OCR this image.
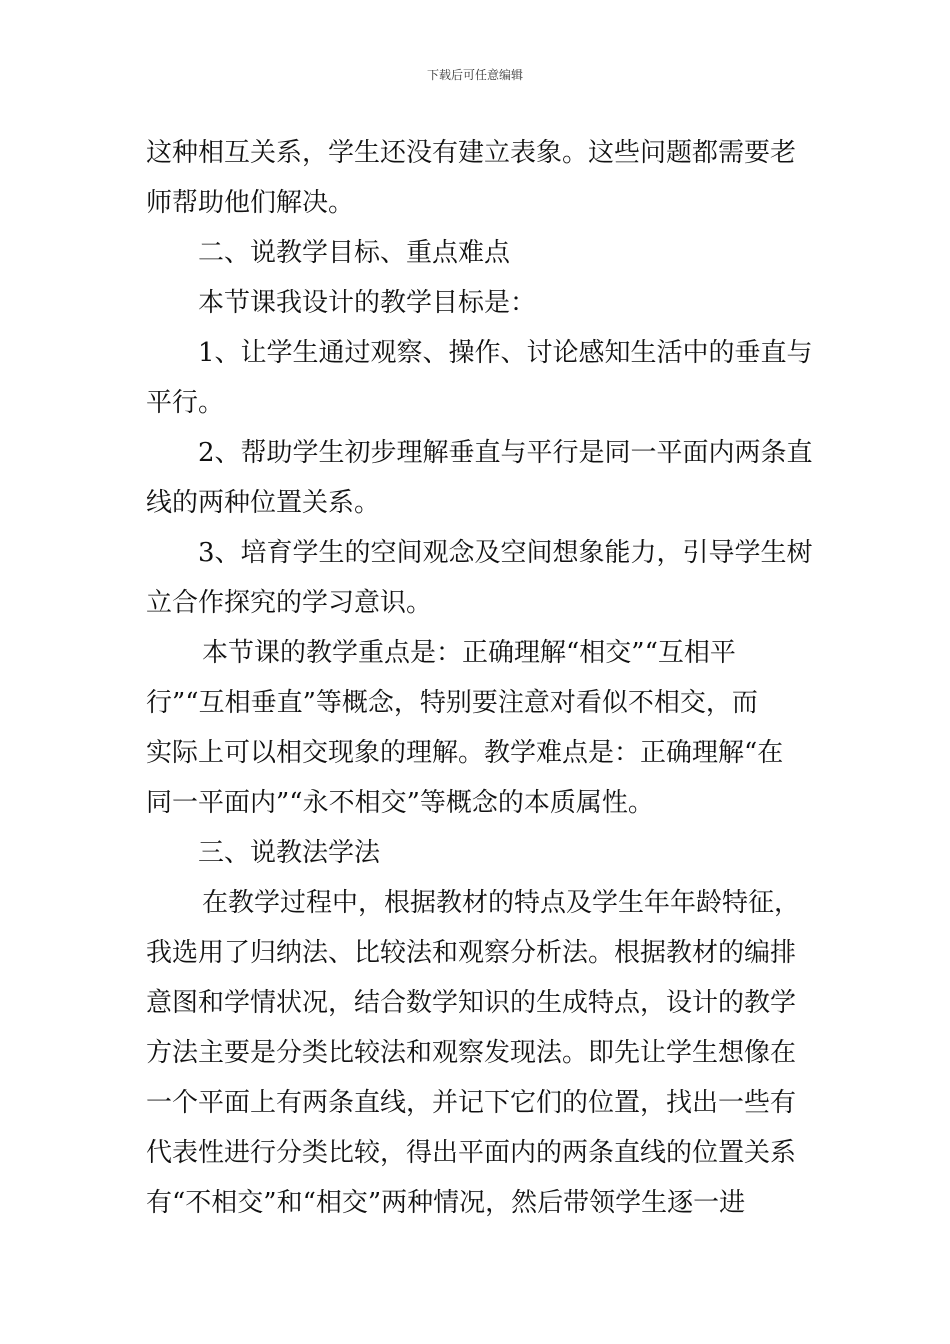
下载后可任意编辑
这种相互关系，学生还没有建立表象。这些问题都需要老
师帮助他们解决。
二、说教学目标、重点难点
本节课我设计的教学目标是：
1、让学生通过观察、操作、讨论感知生活中的垂直与
平行。
2、帮助学生初步理解垂直与平行是同一平面内两条直
线的两种位置关系。
3、培育学生的空间观念及空间想象能力，引导学生树
立合作探究的学习意识。
本节课的教学重点是：正确理解“相交”“互相平
行”“互相垂直”等概念，特别要注意对看似不相交，而
实际上可以相交现象的理解。教学难点是：正确理解“在
同一平面内”“永不相交”等概念的本质属性。
三、说教法学法
在教学过程中，根据教材的特点及学生年年龄特征，
我选用了归纳法、比较法和观察分析法。根据教材的编排
意图和学情状况，结合数学知识的生成特点，设计的教学
方法主要是分类比较法和观察发现法。即先让学生想像在
一个平面上有两条直线，并记下它们的位置，找出一些有
代表性进行分类比较，得出平面内的两条直线的位置关系
有“不相交”和“相交”两种情况，然后带领学生逐一进
